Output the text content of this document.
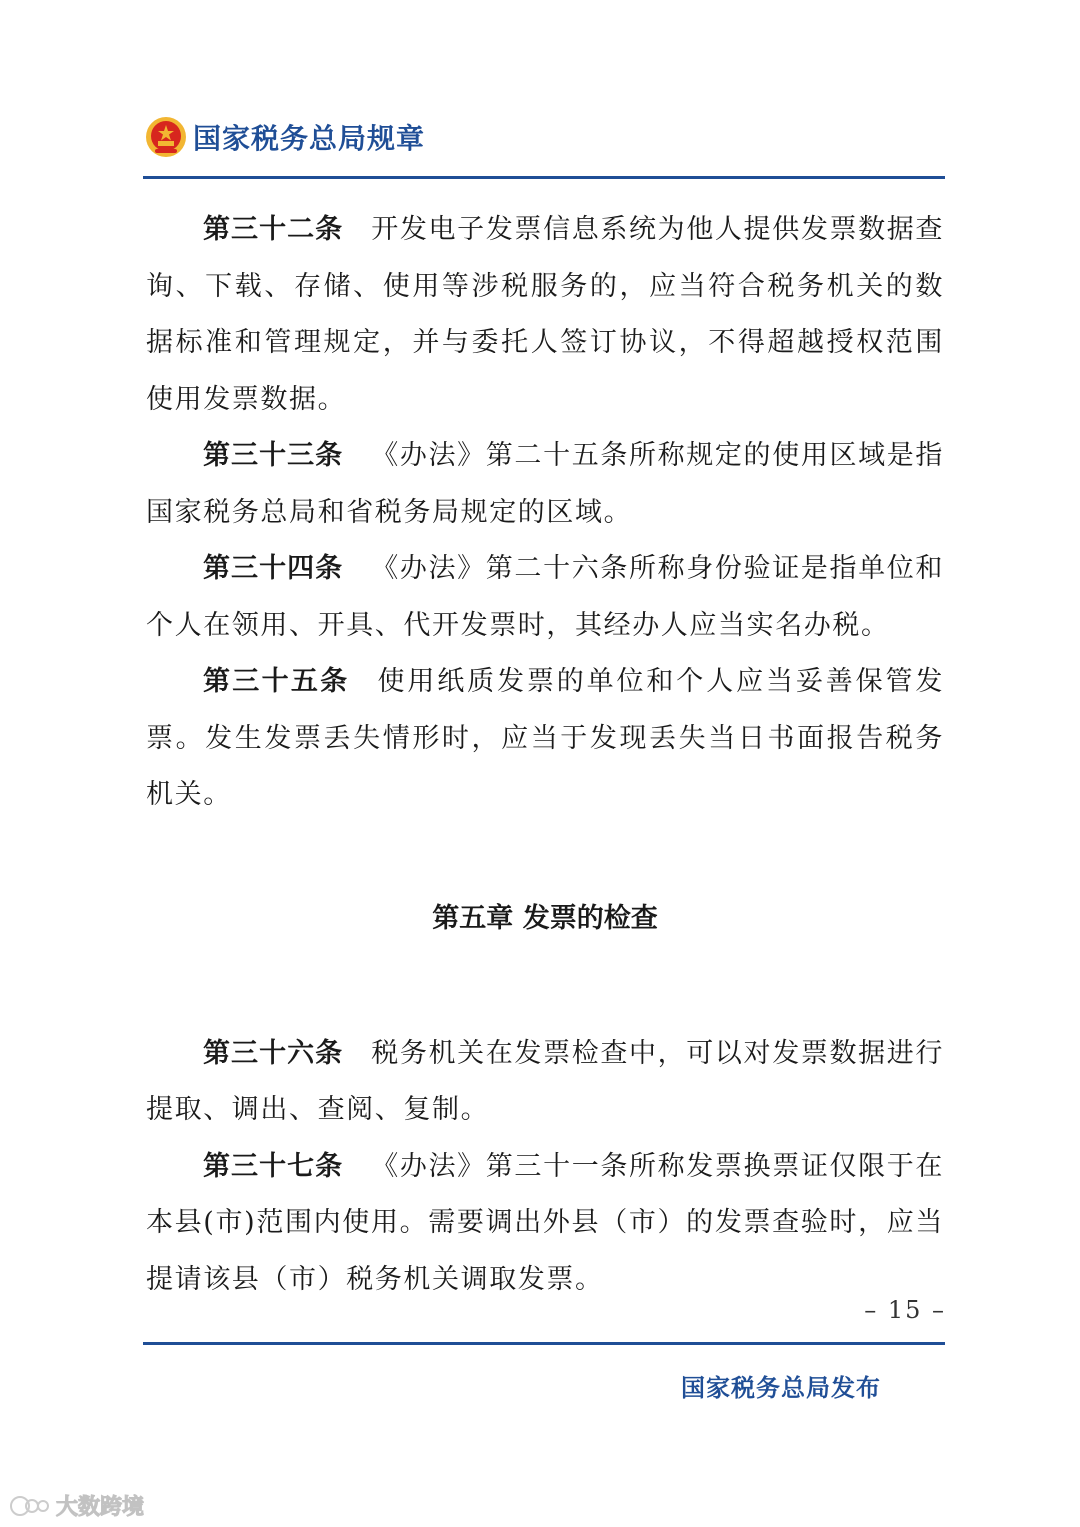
国家税务总局规章

第三十二条 开发电子发票信息系统为他人提供发票数据查询、下载、存储、使用等涉税服务的，应当符合税务机关的数据标准和管理规定，并与委托人签订协议，不得超越授权范围使用发票数据。

第三十三条 《办法》第二十五条所称规定的使用区域是指国家税务总局和省税务局规定的区域。

第三十四条 《办法》第二十六条所称身份验证是指单位和个人在领用、开具、代开发票时，其经办人应当实名办税。

第三十五条 使用纸质发票的单位和个人应当妥善保管发票。发生发票丢失情形时，应当于发现丢失当日书面报告税务机关。

第五章 发票的检查

第三十六条 税务机关在发票检查中，可以对发票数据进行提取、调出、查阅、复制。

第三十七条 《办法》第三十一条所称发票换票证仅限于在本县(市)范围内使用。需要调出外县（市）的发票查验时，应当提请该县（市）税务机关调取发票。

– 15 –
国家税务总局发布
大数跨境
